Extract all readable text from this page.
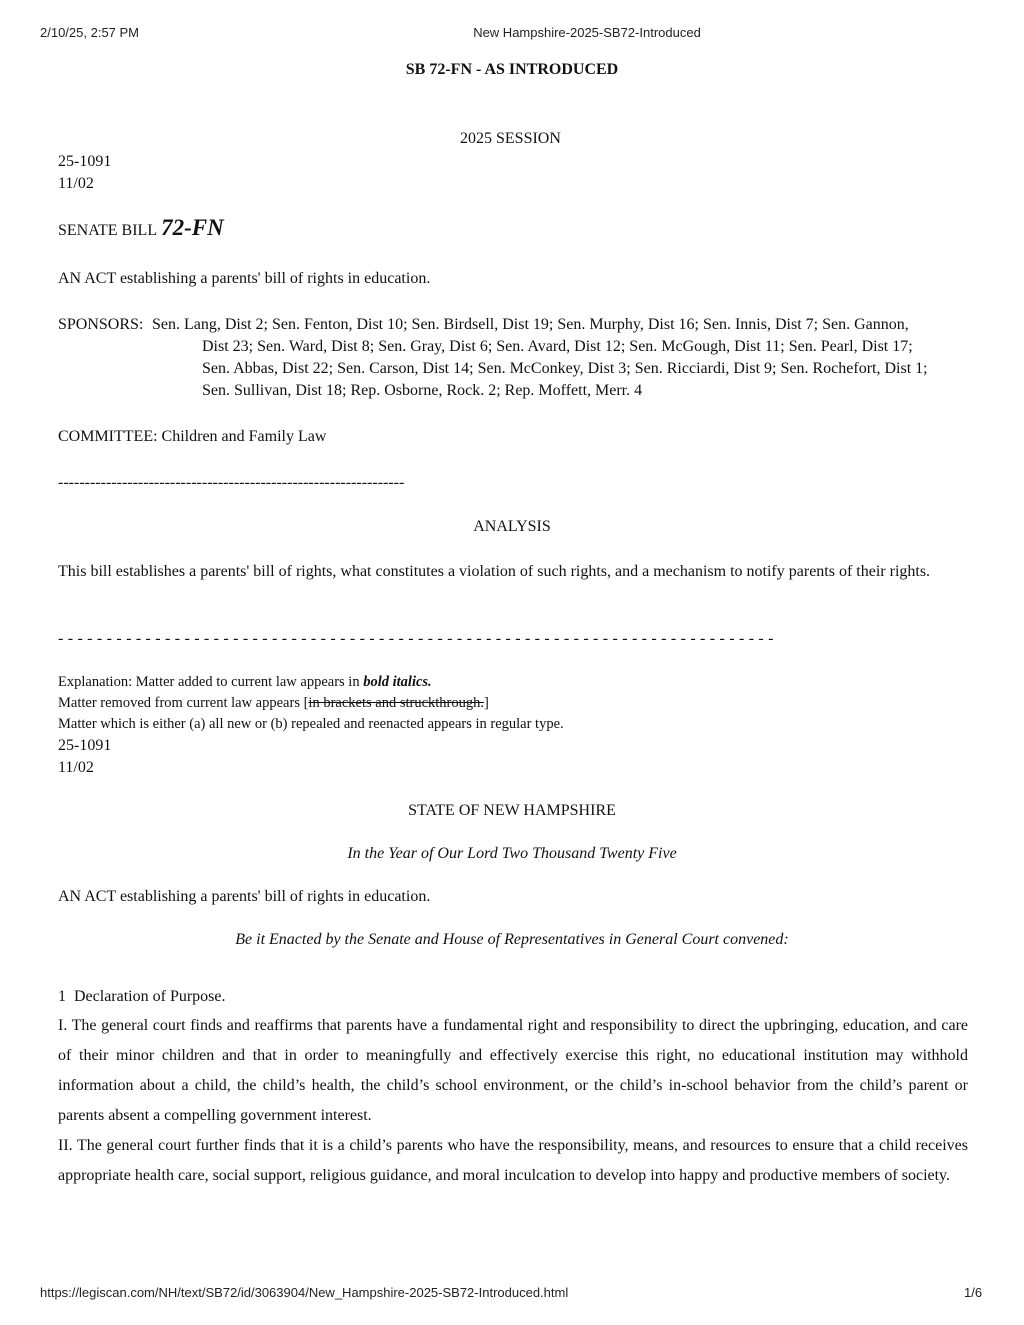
2/10/25, 2:57 PM	New Hampshire-2025-SB72-Introduced
SB 72-FN - AS INTRODUCED
2025 SESSION
25-1091
11/02
SENATE BILL 72-FN
AN ACT establishing a parents' bill of rights in education.
SPONSORS: Sen. Lang, Dist 2; Sen. Fenton, Dist 10; Sen. Birdsell, Dist 19; Sen. Murphy, Dist 16; Sen. Innis, Dist 7; Sen. Gannon,
Dist 23; Sen. Ward, Dist 8; Sen. Gray, Dist 6; Sen. Avard, Dist 12; Sen. McGough, Dist 11; Sen. Pearl, Dist 17;
Sen. Abbas, Dist 22; Sen. Carson, Dist 14; Sen. McConkey, Dist 3; Sen. Ricciardi, Dist 9; Sen. Rochefort, Dist 1;
Sen. Sullivan, Dist 18; Rep. Osborne, Rock. 2; Rep. Moffett, Merr. 4
COMMITTEE: Children and Family Law
-----------------------------------------------------------------
ANALYSIS
This bill establishes a parents' bill of rights, what constitutes a violation of such rights, and a mechanism to notify parents of their rights.
- - - - - - - - - - - - - - - - - - - - - - - - - - - - - - - - - - - - - - - - - - - - - - - - - - - - - - - - - - - - - - - - - - - - - - - - - -
Explanation: Matter added to current law appears in bold italics.
Matter removed from current law appears [in brackets and struckthrough.]
Matter which is either (a) all new or (b) repealed and reenacted appears in regular type.
25-1091
11/02
STATE OF NEW HAMPSHIRE
In the Year of Our Lord Two Thousand Twenty Five
AN ACT establishing a parents' bill of rights in education.
Be it Enacted by the Senate and House of Representatives in General Court convened:
1  Declaration of Purpose.

I. The general court finds and reaffirms that parents have a fundamental right and responsibility to direct the upbringing, education, and care of their minor children and that in order to meaningfully and effectively exercise this right, no educational institution may withhold information about a child, the child’s health, the child’s school environment, or the child’s in-school behavior from the child’s parent or parents absent a compelling government interest.

II. The general court further finds that it is a child’s parents who have the responsibility, means, and resources to ensure that a child receives appropriate health care, social support, religious guidance, and moral inculcation to develop into happy and productive members of society.

https://legiscan.com/NH/text/SB72/id/3063904/New_Hampshire-2025-SB72-Introduced.html	1/6
